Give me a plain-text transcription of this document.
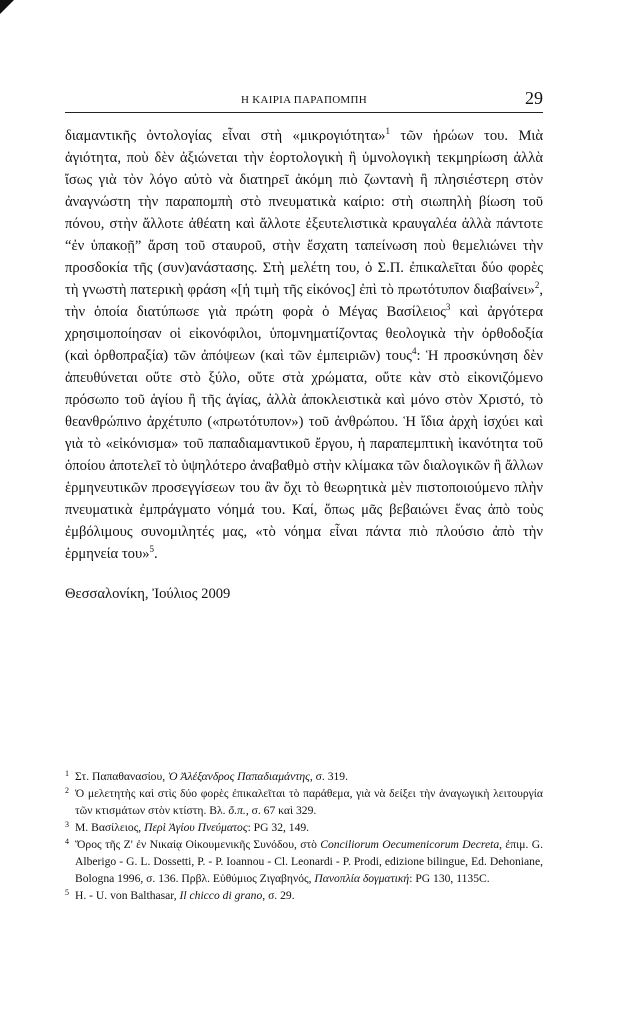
Η ΚΑΙΡΙΑ ΠΑΡΑΠΟΜΠΗ	29

διαμαντικῆς ὀντολογίας εἶναι στὴ «μικρογιότητα»$^1$ τῶν ἡρώων του. Μιὰ ἁγιότητα, ποὺ δὲν ἀξιώνεται τὴν ἑορτολογικὴ ἢ ὑμνολογικὴ τεκμηρίωση ἀλλὰ ἴσως γιὰ τὸν λόγο αὐτὸ νὰ διατηρεῖ ἀκόμη πιὸ ζωντανὴ ἢ πλησιέστερη στὸν ἀναγνώστη τὴν παραπομπὴ στὸ πνευματικὰ καίριο: στὴ σιωπηλὴ βίωση τοῦ πόνου, στὴν ἄλλοτε ἀθέατη καὶ ἄλλοτε ἐξευτελιστικὰ κραυγαλέα ἀλλὰ πάντοτε “ἐν ὑπακοῇ” ἄρση τοῦ σταυροῦ, στὴν ἔσχατη ταπείνωση ποὺ θεμελιώνει τὴν προσδοκία τῆς (συν)ανάστασης. Στὴ μελέτη του, ὁ Σ.Π. ἐπικαλεῖται δύο φορὲς τὴ γνωστὴ πατερικὴ φράση «[ἡ τιμὴ τῆς εἰκόνος] ἐπὶ τὸ πρωτότυπον διαβαίνει»$^2$, τὴν ὁποία διατύπωσε γιὰ πρώτη φορὰ ὁ Μέγας Βασίλειος$^3$ καὶ ἀργότερα χρησιμοποίησαν οἱ εἰκονόφιλοι, ὑπομνηματίζοντας θεολογικὰ τὴν ὀρθοδοξία (καὶ ὀρθοπραξία) τῶν ἀπόψεων (καὶ τῶν ἐμπειριῶν) τους$^4$: Ἡ προσκύνηση δὲν ἀπευθύνεται οὔτε στὸ ξύλο, οὔτε στὰ χρώματα, οὔτε κὰν στὸ εἰκονιζόμενο πρόσωπο τοῦ ἁγίου ἢ τῆς ἁγίας, ἀλλὰ ἀποκλειστικὰ καὶ μόνο στὸν Χριστό, τὸ θεανθρώπινο ἀρχέτυπο («πρωτότυπον») τοῦ ἀνθρώπου. Ἡ ἴδια ἀρχὴ ἰσχύει καὶ γιὰ τὸ «εἰκόνισμα» τοῦ παπαδιαμαντικοῦ ἔργου, ἡ παραπεμπτικὴ ἱκανότητα τοῦ ὁποίου ἀποτελεῖ τὸ ὑψηλότερο ἀναβαθμὸ στὴν κλίμακα τῶν διαλογικῶν ἢ ἄλλων ἑρμηνευτικῶν προσεγγίσεων του ἂν ὄχι τὸ θεωρητικὰ μὲν πιστοποιούμενο πλὴν πνευματικὰ ἐμπράγματο νόημά του. Καί, ὅπως μᾶς βεβαιώνει ἕνας ἀπὸ τοὺς ἐμβόλιμους συνομιλητές μας, «τὸ νόημα εἶναι πάντα πιὸ πλούσιο ἀπὸ τὴν ἑρμηνεία του»$^5$.

Θεσσαλονίκη, Ἰούλιος 2009
1 Στ. Παπαθανασίου, Ὁ Ἀλέξανδρος Παπαδιαμάντης, σ. 319.
2 Ὁ μελετητὴς καὶ στὶς δύο φορὲς ἐπικαλεῖται τὸ παράθεμα, γιὰ νὰ δείξει τὴν ἀναγωγικὴ λειτουργία τῶν κτισμάτων στὸν κτίστη. Βλ. ὅ.π., σ. 67 καὶ 329.
3 Μ. Βασίλειος, Περὶ Ἁγίου Πνεύματος: PG 32, 149.
4 Ὅρος τῆς Ζ' ἐν Νικαίᾳ Οἰκουμενικῆς Συνόδου, στὸ Conciliorum Oecumenicorum Decreta, ἐπιμ. G. Alberigo - G. L. Dossetti, P. - P. Ioannou - Cl. Leonardi - P. Prodi, edizione bilingue, Ed. Dehoniane, Bologna 1996, σ. 136. Πρβλ. Εὐθύμιος Ζιγαβηνός, Πανοπλία δογματική: PG 130, 1135C.
5 H. - U. von Balthasar, Il chicco di grano, σ. 29.
